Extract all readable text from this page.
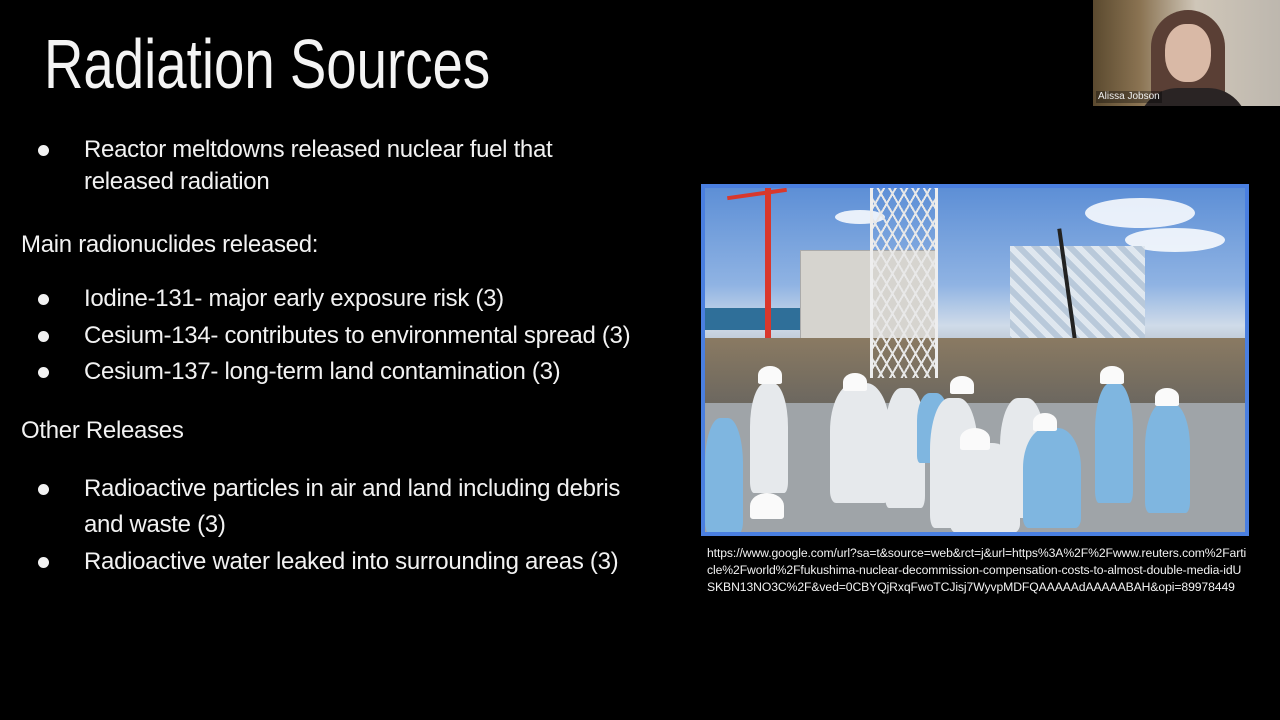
Radiation Sources
Reactor meltdowns released nuclear fuel that
released radiation
Main radionuclides released:
Iodine-131- major early exposure risk (3)
Cesium-134- contributes to environmental spread (3)
Cesium-137- long-term land contamination (3)
Other Releases
Radioactive particles in air and land including debris
and waste (3)
Radioactive water leaked into surrounding areas (3)	https://www.google.com/url?sa=t&source=web&rct=j&url=https%3A%2F%2Fwww.reuters.com%2Farticle%2Fworld%2Ffukushima-nuclear-decommission-compensation-costs-to-almost-double-media-idUSKBN13NO3C%2F&ved=0CBYQjRxqFwoTCJisj7WyvpMDFQAAAAAdAAAAABAH&opi=89978449
Alissa Jobson
